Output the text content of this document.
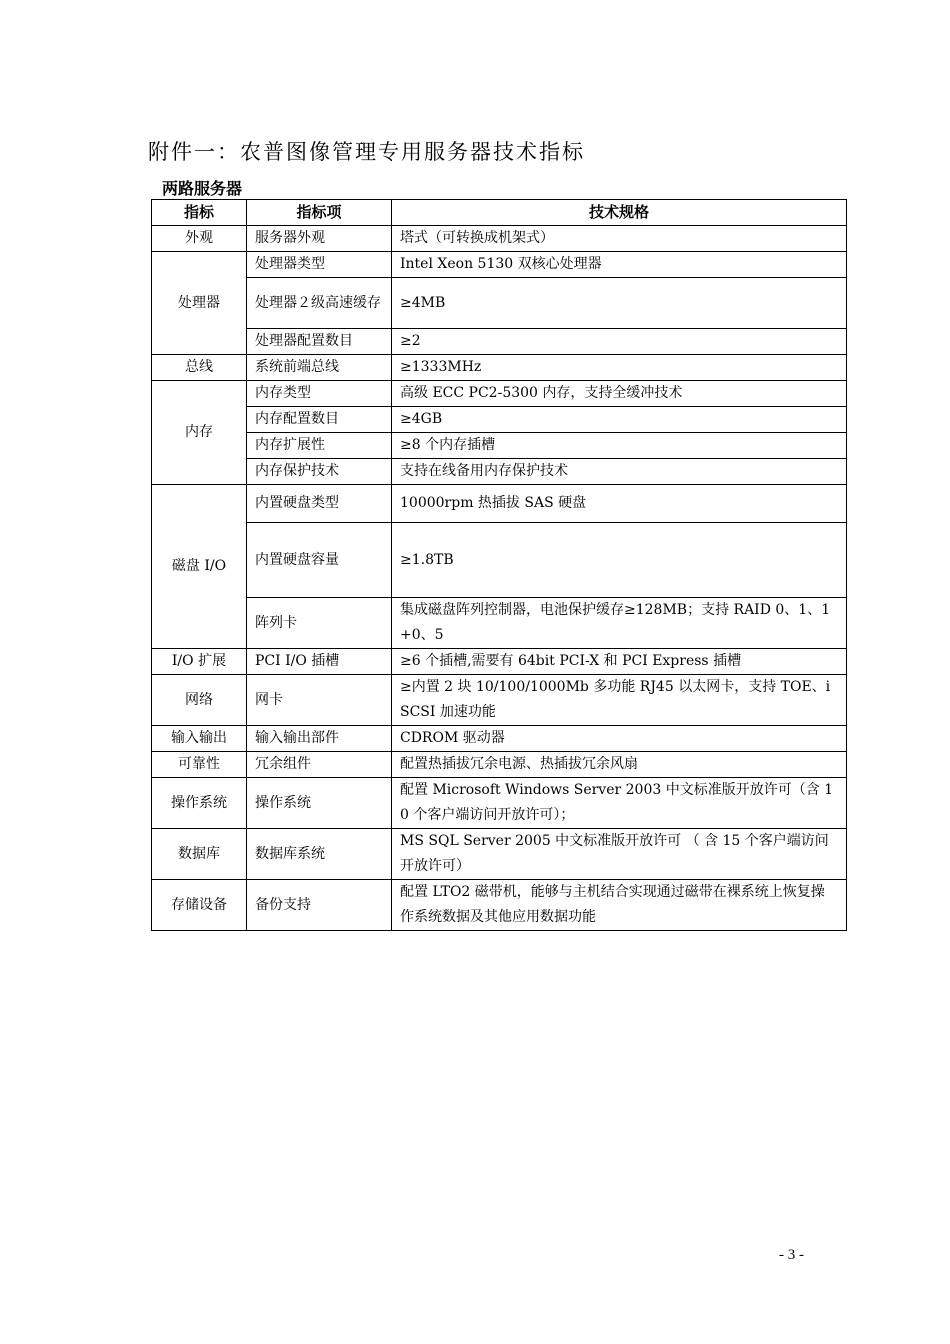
附件一：农普图像管理专用服务器技术指标
两路服务器
指标	指标项	技术规格
外观	服务器外观	塔式（可转换成机架式）
处理器	处理器类型	Intel Xeon 5130 双核心处理器
	处理器２级高速缓存	≥4MB
	处理器配置数目	≥2
总线	系统前端总线	≥1333MHz
内存	内存类型	高级 ECC PC2-5300 内存，支持全缓冲技术
	内存配置数目	≥4GB
	内存扩展性	≥8 个内存插槽
	内存保护技术	支持在线备用内存保护技术
磁盘 I/O	内置硬盘类型	10000rpm 热插拔 SAS 硬盘
	内置硬盘容量	≥1.8TB
	阵列卡	集成磁盘阵列控制器，电池保护缓存≥128MB；支持 RAID 0、1、1+0、5
I/O 扩展	PCI I/O 插槽	≥6 个插槽,需要有 64bit PCI-X 和 PCI Express 插槽
网络	网卡	≥内置 2 块 10/100/1000Mb 多功能 RJ45 以太网卡，支持 TOE、iSCSI 加速功能
输入输出	输入输出部件	CDROM 驱动器
可靠性	冗余组件	配置热插拔冗余电源、热插拔冗余风扇
操作系统	操作系统	配置 Microsoft Windows Server 2003 中文标准版开放许可（含 10 个客户端访问开放许可）；
数据库	数据库系统	MS SQL Server 2005 中文标准版开放许可 （ 含 15 个客户端访问开放许可）
存储设备	备份支持	配置 LTO2 磁带机，能够与主机结合实现通过磁带在裸系统上恢复操作系统数据及其他应用数据功能
- 3 -
